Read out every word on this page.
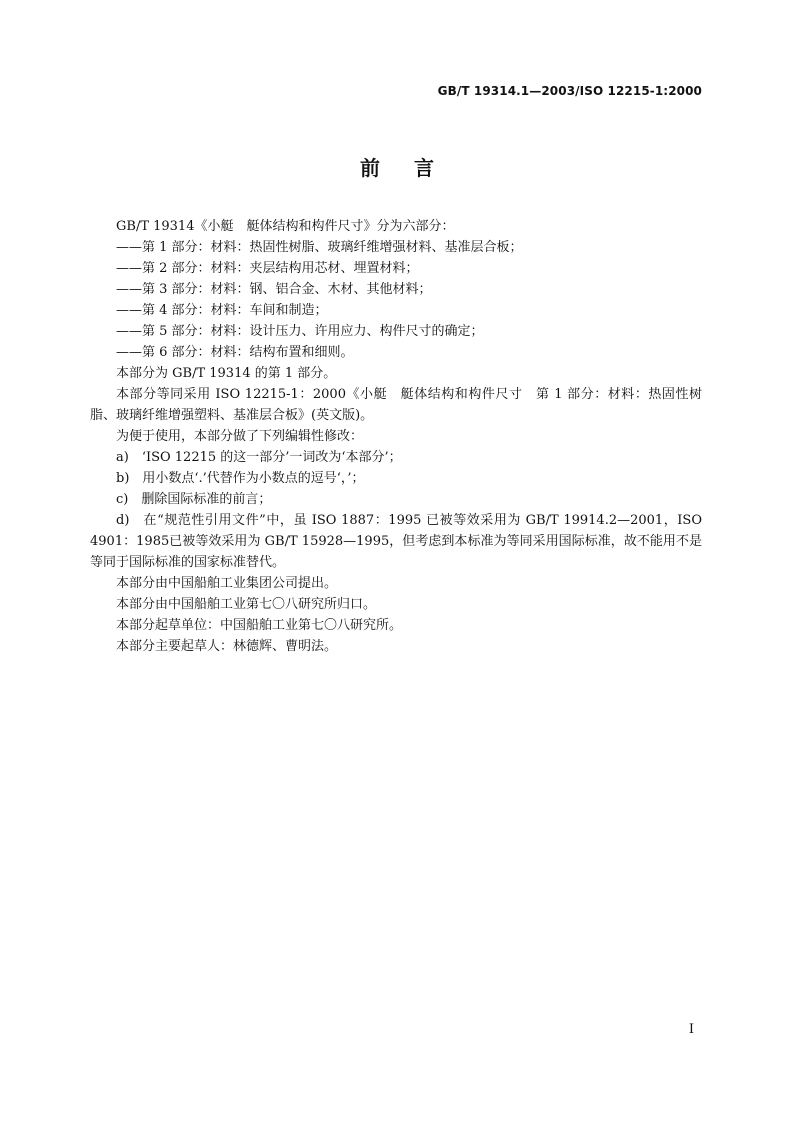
GB/T 19314.1—2003/ISO 12215-1:2000
前言

GB/T 19314《小艇　艇体结构和构件尺寸》分为六部分：

——第 1 部分：材料：热固性树脂、玻璃纤维增强材料、基准层合板；

——第 2 部分：材料：夹层结构用芯材、埋置材料；

——第 3 部分：材料：钢、铝合金、木材、其他材料；

——第 4 部分：材料：车间和制造；

——第 5 部分：材料：设计压力、许用应力、构件尺寸的确定；

——第 6 部分：材料：结构布置和细则。

本部分为 GB/T 19314 的第 1 部分。

本部分等同采用 ISO 12215-1：2000《小艇　艇体结构和构件尺寸　第 1 部分：材料：热固性树脂、玻璃纤维增强塑料、基准层合板》(英文版)。

为便于使用，本部分做了下列编辑性修改：

a)　‘ISO 12215 的这一部分’一词改为‘本部分’；

b)　用小数点‘.’代替作为小数点的逗号‘，’；

c)　删除国际标准的前言；

d)　在“规范性引用文件”中，虽 ISO 1887：1995 已被等效采用为 GB/T 19914.2—2001，ISO 4901：1985已被等效采用为 GB/T 15928—1995，但考虑到本标准为等同采用国际标准，故不能用不是等同于国际标准的国家标准替代。

本部分由中国船舶工业集团公司提出。

本部分由中国船舶工业第七〇八研究所归口。

本部分起草单位：中国船舶工业第七〇八研究所。

本部分主要起草人：林德辉、曹明法。

I
